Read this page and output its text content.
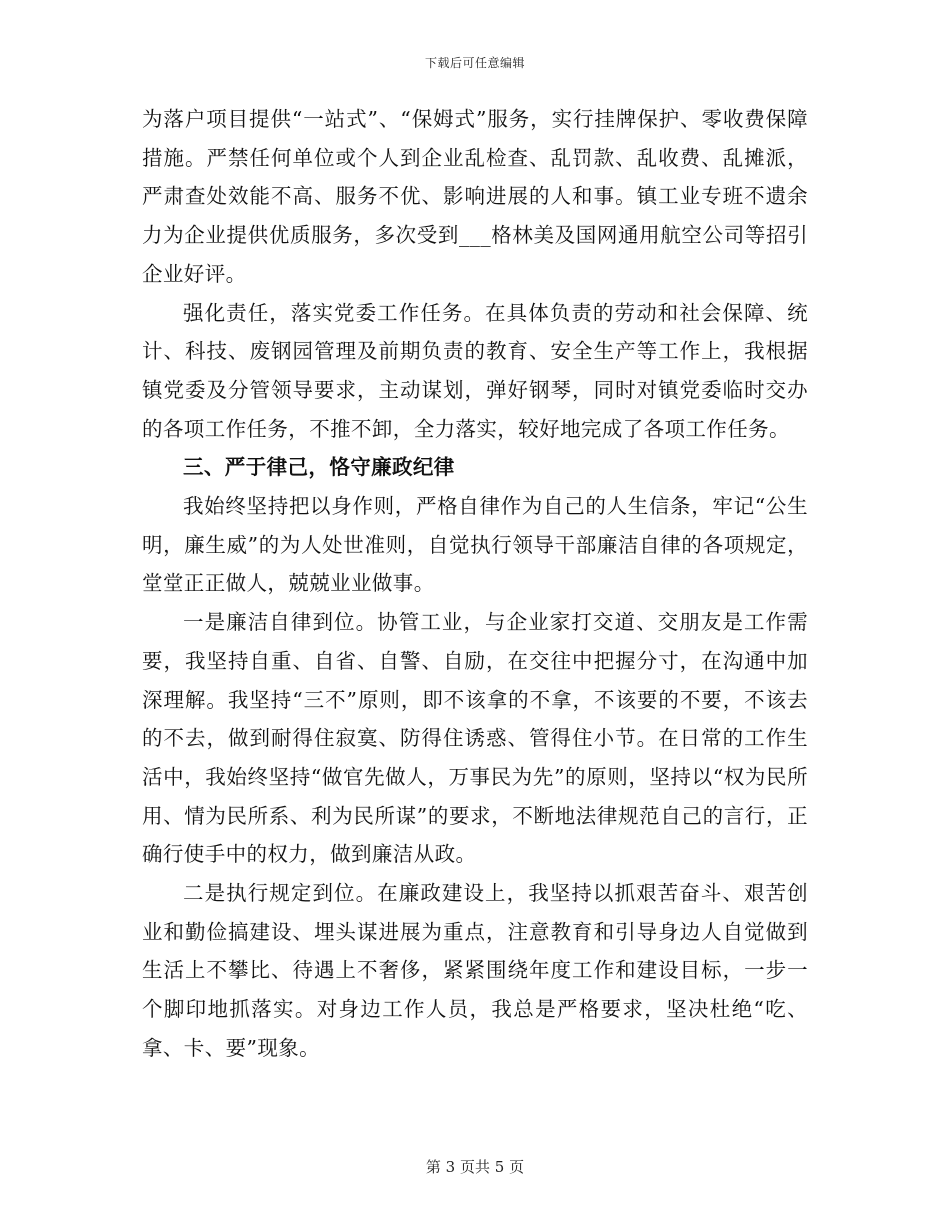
下载后可任意编辑

为落户项目提供“一站式”、“保姆式”服务，实行挂牌保护、零收费保障措施。严禁任何单位或个人到企业乱检查、乱罚款、乱收费、乱摊派，严肃查处效能不高、服务不优、影响进展的人和事。镇工业专班不遗余力为企业提供优质服务，多次受到___格林美及国网通用航空公司等招引企业好评。

强化责任，落实党委工作任务。在具体负责的劳动和社会保障、统计、科技、废钢园管理及前期负责的教育、安全生产等工作上，我根据镇党委及分管领导要求，主动谋划，弹好钢琴，同时对镇党委临时交办的各项工作任务，不推不卸，全力落实，较好地完成了各项工作任务。

三、严于律己，恪守廉政纪律

我始终坚持把以身作则，严格自律作为自己的人生信条，牢记“公生明，廉生威”的为人处世准则，自觉执行领导干部廉洁自律的各项规定，堂堂正正做人，兢兢业业做事。

一是廉洁自律到位。协管工业，与企业家打交道、交朋友是工作需要，我坚持自重、自省、自警、自励，在交往中把握分寸，在沟通中加深理解。我坚持“三不”原则，即不该拿的不拿，不该要的不要，不该去的不去，做到耐得住寂寞、防得住诱惑、管得住小节。在日常的工作生活中，我始终坚持“做官先做人，万事民为先”的原则，坚持以“权为民所用、情为民所系、利为民所谋”的要求，不断地法律规范自己的言行，正确行使手中的权力，做到廉洁从政。

二是执行规定到位。在廉政建设上，我坚持以抓艰苦奋斗、艰苦创业和勤俭搞建设、埋头谋进展为重点，注意教育和引导身边人自觉做到生活上不攀比、待遇上不奢侈，紧紧围绕年度工作和建设目标，一步一个脚印地抓落实。对身边工作人员，我总是严格要求，坚决杜绝“吃、拿、卡、要”现象。

第 3 页共 5 页
